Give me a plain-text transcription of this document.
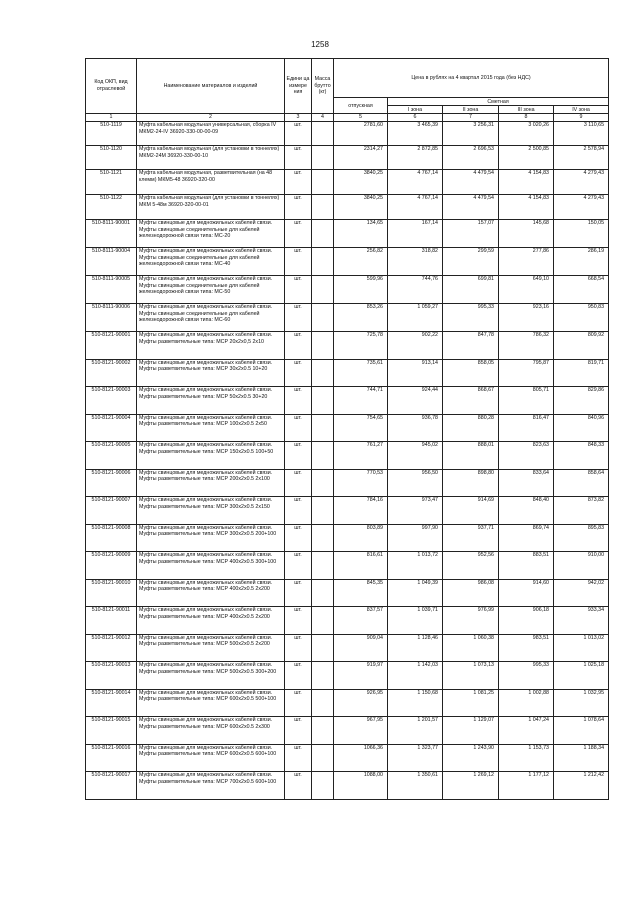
1258
Код ОКП, вид отраслевой	Наименование материалов и изделий	Едини ца измере ния	Масса брутто (кг)	Цена в рублях на 4 квартал 2015 года (без НДС)				
				отпускная	Сметная			
					I зона	II зона	III зона	IV зона
1	2	3	4	5	6	7	8	9
510-1119	Муфта кабельная модульная универсальная, сборка IV МКМ2-24-IV 36920-330-00-00-09	шт.		2781,60	3 465,39	3 256,31	3 020,26	3 110,65
510-1120	Муфта кабельная модульная (для установки в тоннелях) МКМ2-24М 36920-330-00-10	шт.		2314,27	2 872,85	2 696,53	2 500,85	2 578,94
510-1121	Муфта кабельная модульная, разветвительная (на 48 клемм) МКМ5-48 36920-320-00	шт.		3840,25	4 767,14	4 479,54	4 154,83	4 279,43
510-1122	Муфта кабельная модульная (для установки в тоннелях) МКМ 5-48м 36920-320-00-01	шт.		3840,25	4 767,14	4 479,54	4 154,83	4 279,43
510-8111-90001	Муфты свинцовые для медножильных кабелей связи. Муфты свинцовые соединительные для кабелей железнодорожной связи типа: МС-20	шт.		134,65	167,14	157,07	145,68	150,05
510-8111-90004	Муфты свинцовые для медножильных кабелей связи. Муфты свинцовые соединительные для кабелей железнодорожной связи типа: МС-40	шт.		256,82	318,82	299,59	277,86	286,19
510-8111-90005	Муфты свинцовые для медножильных кабелей связи. Муфты свинцовые соединительные для кабелей железнодорожной связи типа: МС-50	шт.		599,96	744,76	699,81	649,10	668,54
510-8111-90006	Муфты свинцовые для медножильных кабелей связи. Муфты свинцовые соединительные для кабелей железнодорожной связи типа: МС-60	шт.		853,26	1 059,27	995,33	923,16	950,83
510-8121-90001	Муфты свинцовые для медножильных кабелей связи. Муфты разветвительные типа: МСР 20х2х0,5 2х10	шт.		725,78	902,22	847,78	786,32	809,92
510-8121-90002	Муфты свинцовые для медножильных кабелей связи. Муфты разветвительные типа: МСР 30х2х0.5 10+20	шт.		735,61	913,14	858,05	795,87	819,71
510-8121-90003	Муфты свинцовые для медножильных кабелей связи. Муфты разветвительные типа: МСР 50х2х0.5 30+20	шт.		744,71	924,44	868,67	805,71	829,86
510-8121-90004	Муфты свинцовые для медножильных кабелей связи. Муфты разветвительные типа: МСР 100х2х0.5 2х50	шт.		754,65	936,78	880,28	816,47	840,96
510-8121-90005	Муфты свинцовые для медножильных кабелей связи. Муфты разветвительные типа: МСР 150х2х0.5 100+50	шт.		761,27	945,02	888,01	823,63	848,33
510-8121-90006	Муфты свинцовые для медножильных кабелей связи. Муфты разветвительные типа: МСР 200х2х0.5 2х100	шт.		770,53	956,50	898,80	833,64	858,64
510-8121-90007	Муфты свинцовые для медножильных кабелей связи. Муфты разветвительные типа: МСР 300х2х0.5 2х150	шт.		784,16	973,47	914,69	848,40	873,82
510-8121-90008	Муфты свинцовые для медножильных кабелей связи. Муфты разветвительные типа: МСР 300х2х0.5 200+100	шт.		803,89	997,90	937,71	869,74	895,83
510-8121-90009	Муфты свинцовые для медножильных кабелей связи. Муфты разветвительные типа: МСР 400х2х0.5 300+100	шт.		816,61	1 013,72	952,56	883,51	910,00
510-8121-90010	Муфты свинцовые для медножильных кабелей связи. Муфты разветвительные типа: МСР 400х2х0.5 2х200	шт.		845,35	1 049,39	986,08	914,60	942,02
510-8121-90011	Муфты свинцовые для медножильных кабелей связи. Муфты разветвительные типа: МСР 400х2х0.5 2х200	шт.		837,57	1 039,71	976,99	906,18	933,34
510-8121-90012	Муфты свинцовые для медножильных кабелей связи. Муфты разветвительные типа: МСР 500х2х0.5 2х200	шт.		909,04	1 128,46	1 060,38	983,51	1 013,02
510-8121-90013	Муфты свинцовые для медножильных кабелей связи. Муфты разветвительные типа: МСР 500х2х0.5 300+200	шт.		919,97	1 142,03	1 073,13	995,33	1 025,18
510-8121-90014	Муфты свинцовые для медножильных кабелей связи. Муфты разветвительные типа: МСР 600х2х0.5 500+100	шт.		926,95	1 150,68	1 081,25	1 002,88	1 032,95
510-8121-90015	Муфты свинцовые для медножильных кабелей связи. Муфты разветвительные типа: МСР 600х2х0.5 2х300	шт.		967,95	1 201,57	1 129,07	1 047,24	1 078,64
510-8121-90016	Муфты свинцовые для медножильных кабелей связи. Муфты разветвительные типа: МСР 600х2х0.5 600+100	шт.		1066,36	1 323,77	1 243,90	1 153,73	1 188,34
510-8121-90017	Муфты свинцовые для медножильных кабелей связи. Муфты разветвительные типа: МСР 700х2х0.5 600+100	шт.		1088,00	1 350,61	1 269,12	1 177,12	1 212,42
